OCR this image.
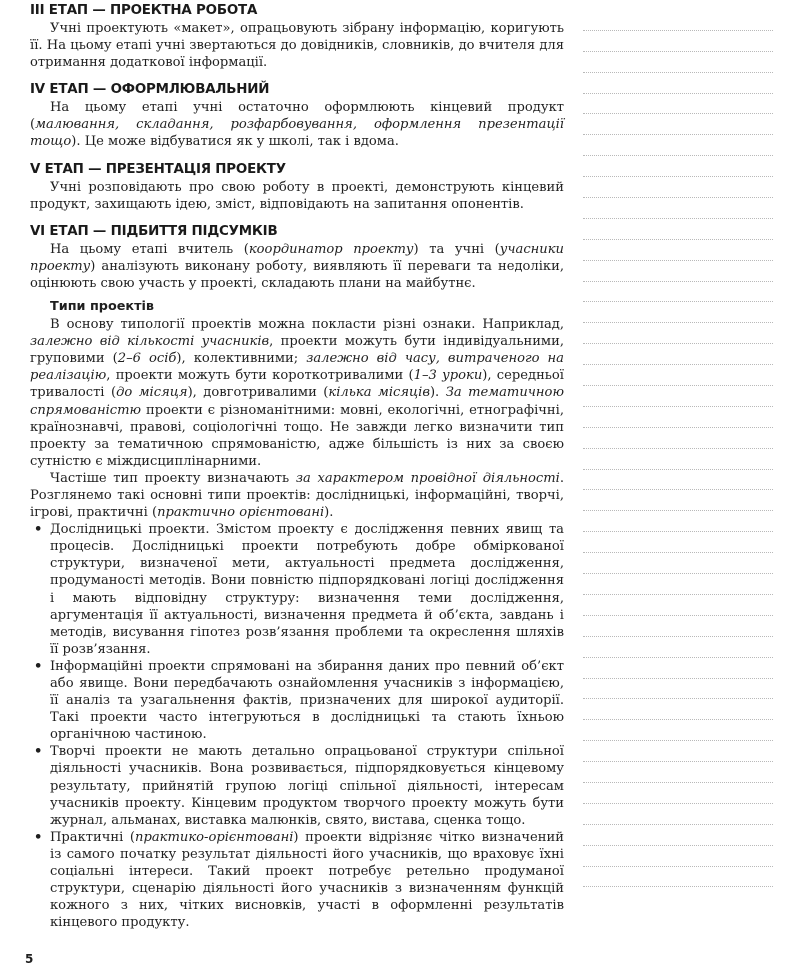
III ЕТАП — ПРОЕКТНА РОБОТА

Учні проектують «макет», опрацьовують зібрану інформацію, коригують її. На цьому етапі учні звертаються до довідників, словників, до вчителя для отримання додаткової інформації.

IV ЕТАП — ОФОРМЛЮВАЛЬНИЙ

На цьому етапі учні остаточно оформлюють кінцевий продукт (малювання, складання, розфарбовування, оформлення презентації тощо). Це може відбуватися як у школі, так і вдома.

V ЕТАП — ПРЕЗЕНТАЦІЯ ПРОЕКТУ

Учні розповідають про свою роботу в проекті, демонструють кінцевий продукт, захищають ідею, зміст, відповідають на запитання опонентів.

VI ЕТАП — ПІДБИТТЯ ПІДСУМКІВ

На цьому етапі вчитель (координатор проекту) та учні (учасники проекту) аналізують виконану роботу, виявляють її переваги та недоліки, оцінюють свою участь у проекті, складають плани на майбутнє.

Типи проектів

В основу типології проектів можна покласти різні ознаки. Наприклад, залежно від кількості учасників, проекти можуть бути індивідуальними, груповими (2–6 осіб), колективними; залежно від часу, витраченого на реалізацію, проекти можуть бути короткотривалими (1–3 уроки), середньої тривалості (до місяця), довготривалими (кілька місяців). За тематичною спрямованістю проекти є різноманітними: мовні, екологічні, етнографічні, країнознавчі, правові, соціологічні тощо. Не завжди легко визначити тип проекту за тематичною спрямованістю, адже більшість із них за своєю сутністю є міждисциплінарними.

Частіше тип проекту визначають за характером провідної діяльності. Розглянемо такі основні типи проектів: дослідницькі, інформаційні, творчі, ігрові, практичні (практично орієнтовані).

• Дослідницькі проекти. Змістом проекту є дослідження певних явищ та процесів. Дослідницькі проекти потребують добре обміркованої структури, визначеної мети, актуальності предмета дослідження, продуманості методів. Вони повністю підпорядковані логіці дослідження і мають відповідну структуру: визначення теми дослідження, аргументація її актуальності, визначення предмета й об’єкта, завдань і методів, висування гіпотез розв’язання проблеми та окреслення шляхів її розв’язання.
• Інформаційні проекти спрямовані на збирання даних про певний об’єкт або явище. Вони передбачають ознайомлення учасників з інформацією, її аналіз та узагальнення фактів, призначених для широкої аудиторії. Такі проекти часто інтегруються в дослідницькі та стають їхньою органічною частиною.
• Творчі проекти не мають детально опрацьованої структури спільної діяльності учасників. Вона розвивається, підпорядковується кінцевому результату, прийнятій групою логіці спільної діяльності, інтересам учасників проекту. Кінцевим продуктом творчого проекту можуть бути журнал, альманах, виставка малюнків, свято, вистава, сценка тощо.
• Практичні (практико-орієнтовані) проекти відрізняє чітко визначений із самого початку результат діяльності його учасників, що враховує їхні соціальні інтереси. Такий проект потребує ретельно продуманої структури, сценарію діяльності його учасників з визначенням функцій кожного з них, чітких висновків, участі в оформленні результатів кінцевого продукту.
5
